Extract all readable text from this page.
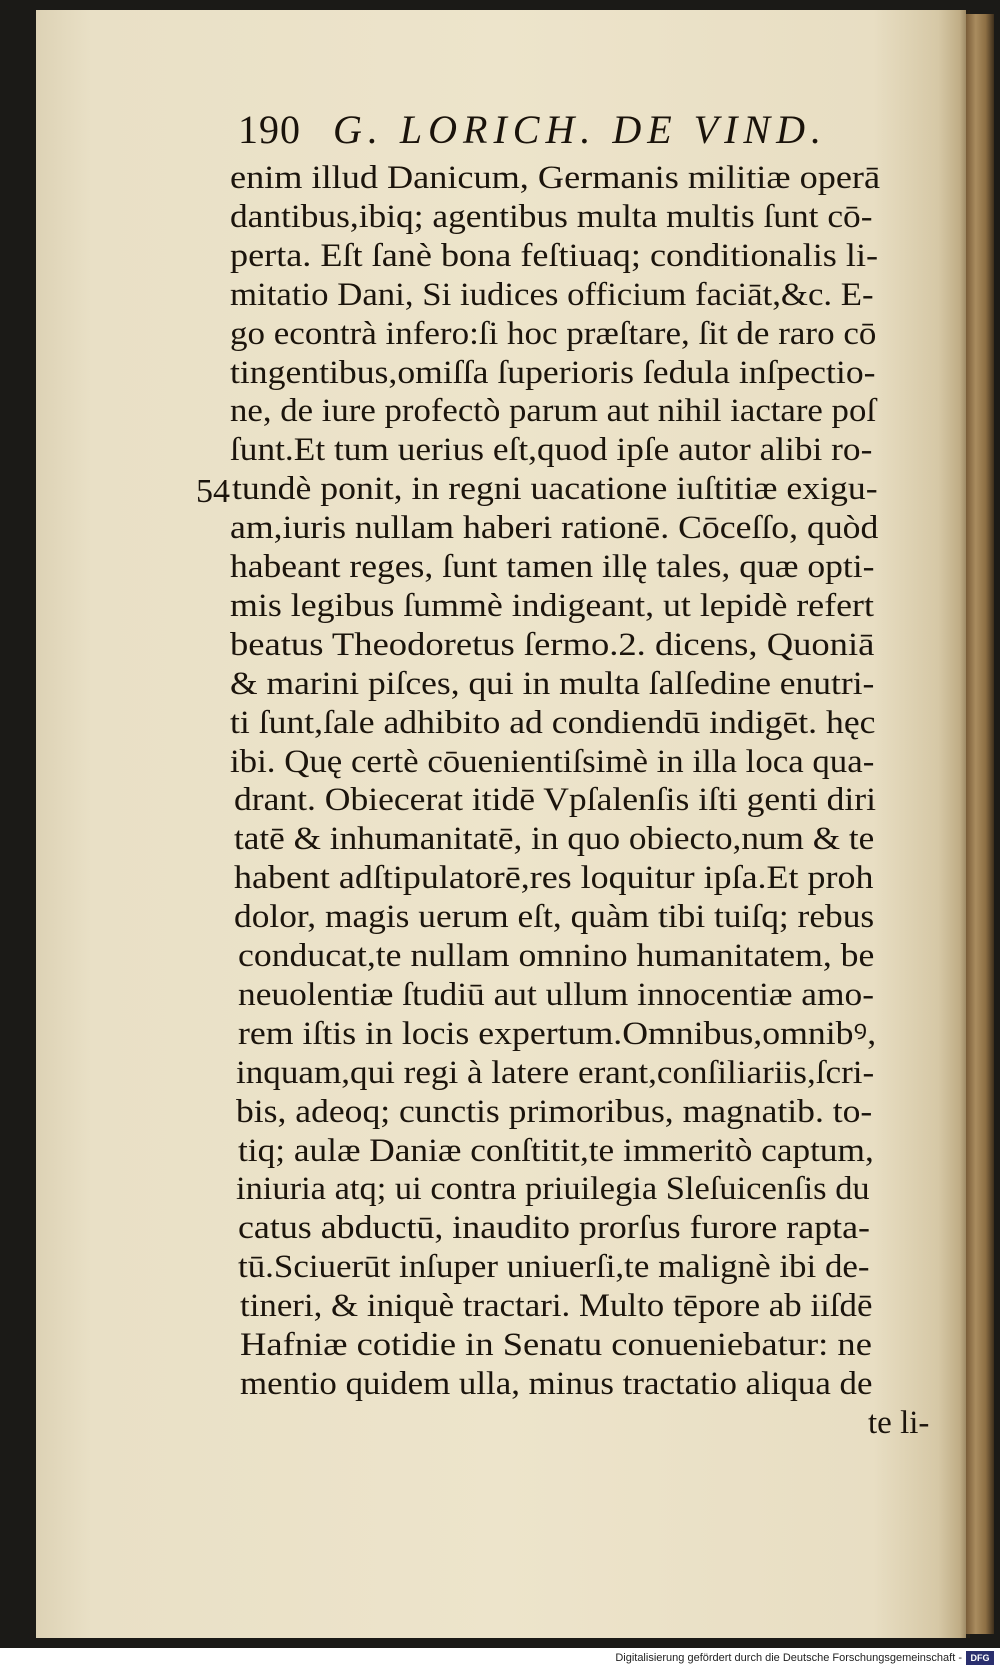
190 G. LORICH. DE VIND.
54
enim illud Danicum, Germanis militiæ operā
dantibus,ibiq; agentibus multa multis ſunt cō-
perta. Eſt ſanè bona feſtiuaq; conditionalis li-
mitatio Dani, Si iudices officium faciāt,&c. E-
go econtrà infero:ſi hoc præſtare, ſit de raro cō
tingentibus,omiſſa ſuperioris ſedula inſpectio-
ne, de iure profectò parum aut nihil iactare poſ
ſunt.Et tum uerius eſt,quod ipſe autor alibi ro-
tundè ponit, in regni uacatione iuſtitiæ exigu-
am,iuris nullam haberi rationē. Cōceſſo, quòd
habeant reges, ſunt tamen illę tales, quæ opti-
mis legibus ſummè indigeant, ut lepidè refert
beatus Theodoretus ſermo.2. dicens, Quoniā
& marini piſces, qui in multa ſalſedine enutri-
ti ſunt,ſale adhibito ad condiendū indigēt. hęc
ibi. Quę certè cōuenientiſsimè in illa loca qua-
drant. Obiecerat itidē Vpſalenſis iſti genti diri
tatē & inhumanitatē, in quo obiecto,num & te
habent adſtipulatorē,res loquitur ipſa.Et proh
dolor, magis uerum eſt, quàm tibi tuiſq; rebus
conducat,te nullam omnino humanitatem, be
neuolentiæ ſtudiū aut ullum innocentiæ amo-
rem iſtis in locis expertum.Omnibus,omnibꝰ,
inquam,qui regi à latere erant,conſiliariis,ſcri-
bis, adeoq; cunctis primoribus, magnatib. to-
tiq; aulæ Daniæ conſtitit,te immeritò captum,
iniuria atq; ui contra priuilegia Sleſuicenſis du
catus abductū, inaudito prorſus furore rapta-
tū.Sciuerūt inſuper uniuerſi,te malignè ibi de-
tineri, & iniquè tractari. Multo tēpore ab iiſdē
Hafniæ cotidie in Senatu conueniebatur: ne
mentio quidem ulla, minus tractatio aliqua de
te li-
Digitalisierung gefördert durch die Deutsche Forschungsgemeinschaft - DFG
